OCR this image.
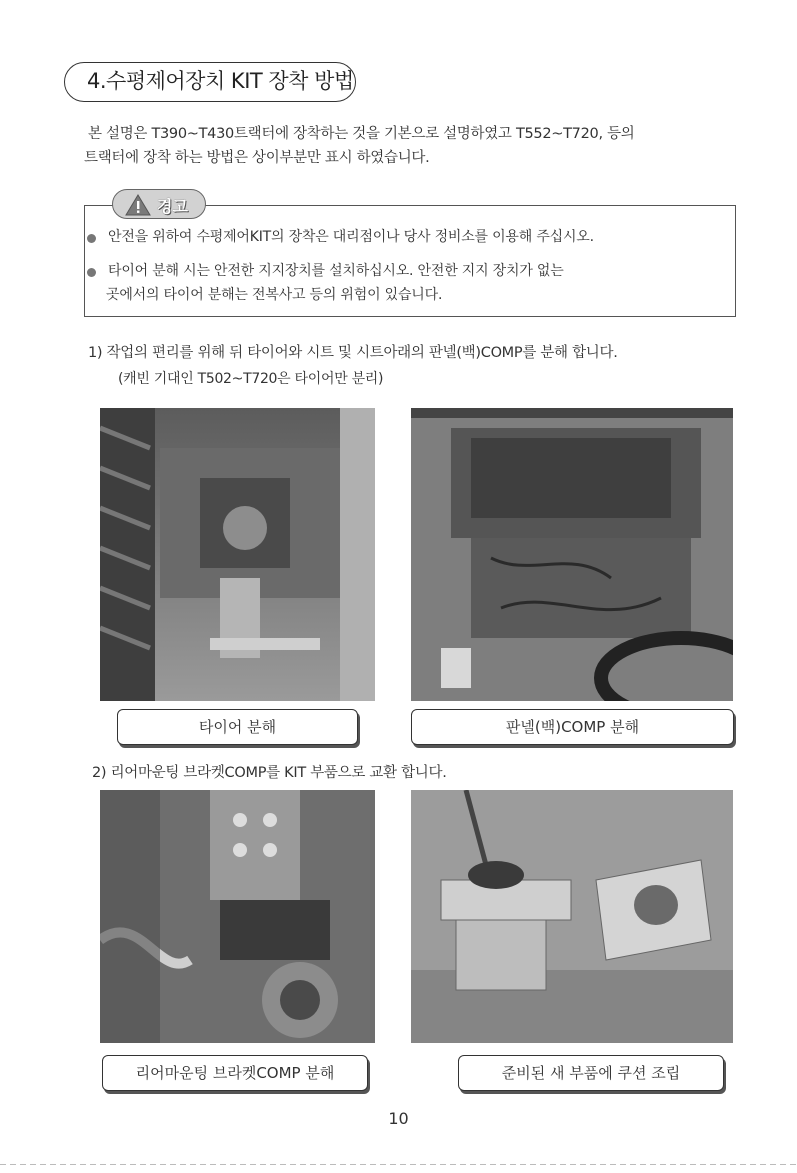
4.수평제어장치 KIT 장착 방법
본 설명은 T390~T430트랙터에 장착하는 것을 기본으로 설명하였고 T552~T720, 등의
트랙터에 장착 하는 방법은 상이부분만 표시 하였습니다.
경고
안전을 위하여 수평제어KIT의 장착은 대리점이나 당사 정비소를 이용해 주십시오.
타이어 분해 시는 안전한 지지장치를 설치하십시오. 안전한 지지 장치가 없는
곳에서의 타이어 분해는 전복사고 등의 위험이 있습니다.
1) 작업의 편리를 위해 뒤 타이어와 시트 및 시트아래의 판넬(백)COMP를 분해 합니다.
(캐빈 기대인 T502~T720은 타이어만 분리)
타이어 분해	판넬(백)COMP 분해
2) 리어마운팅 브라켓COMP를 KIT 부품으로 교환 합니다.
리어마운팅 브라켓COMP 분해	준비된 새 부품에 쿠션 조립
10
